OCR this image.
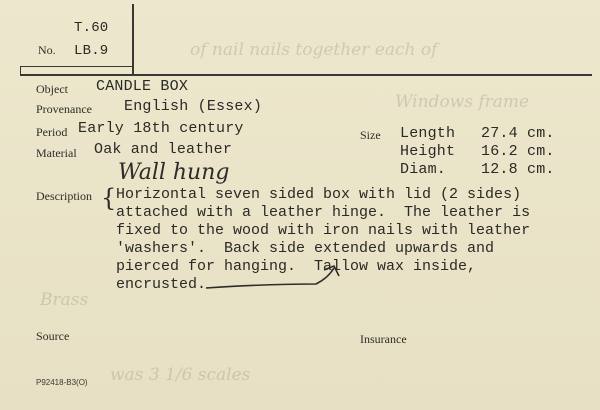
of nail nails together each of
Windows frame
Brass
was 3 1/6 scales
No.
T.60
LB.9
Object CANDLE BOX
Provenance English (Essex)
Period Early 18th century
Material Oak and leather
Size Length 27.4 cm.
Height 16.2 cm.
Diam. 12.8 cm.
Description
Wall hung
{ Horizontal seven sided box with lid (2 sides)
attached with a leather hinge.  The leather is
fixed to the wood with iron nails with leather
'washers'.  Back side extended upwards and
pierced for hanging.  Tallow wax inside,
encrusted.
Source	Insurance
P92418-B3(O)
